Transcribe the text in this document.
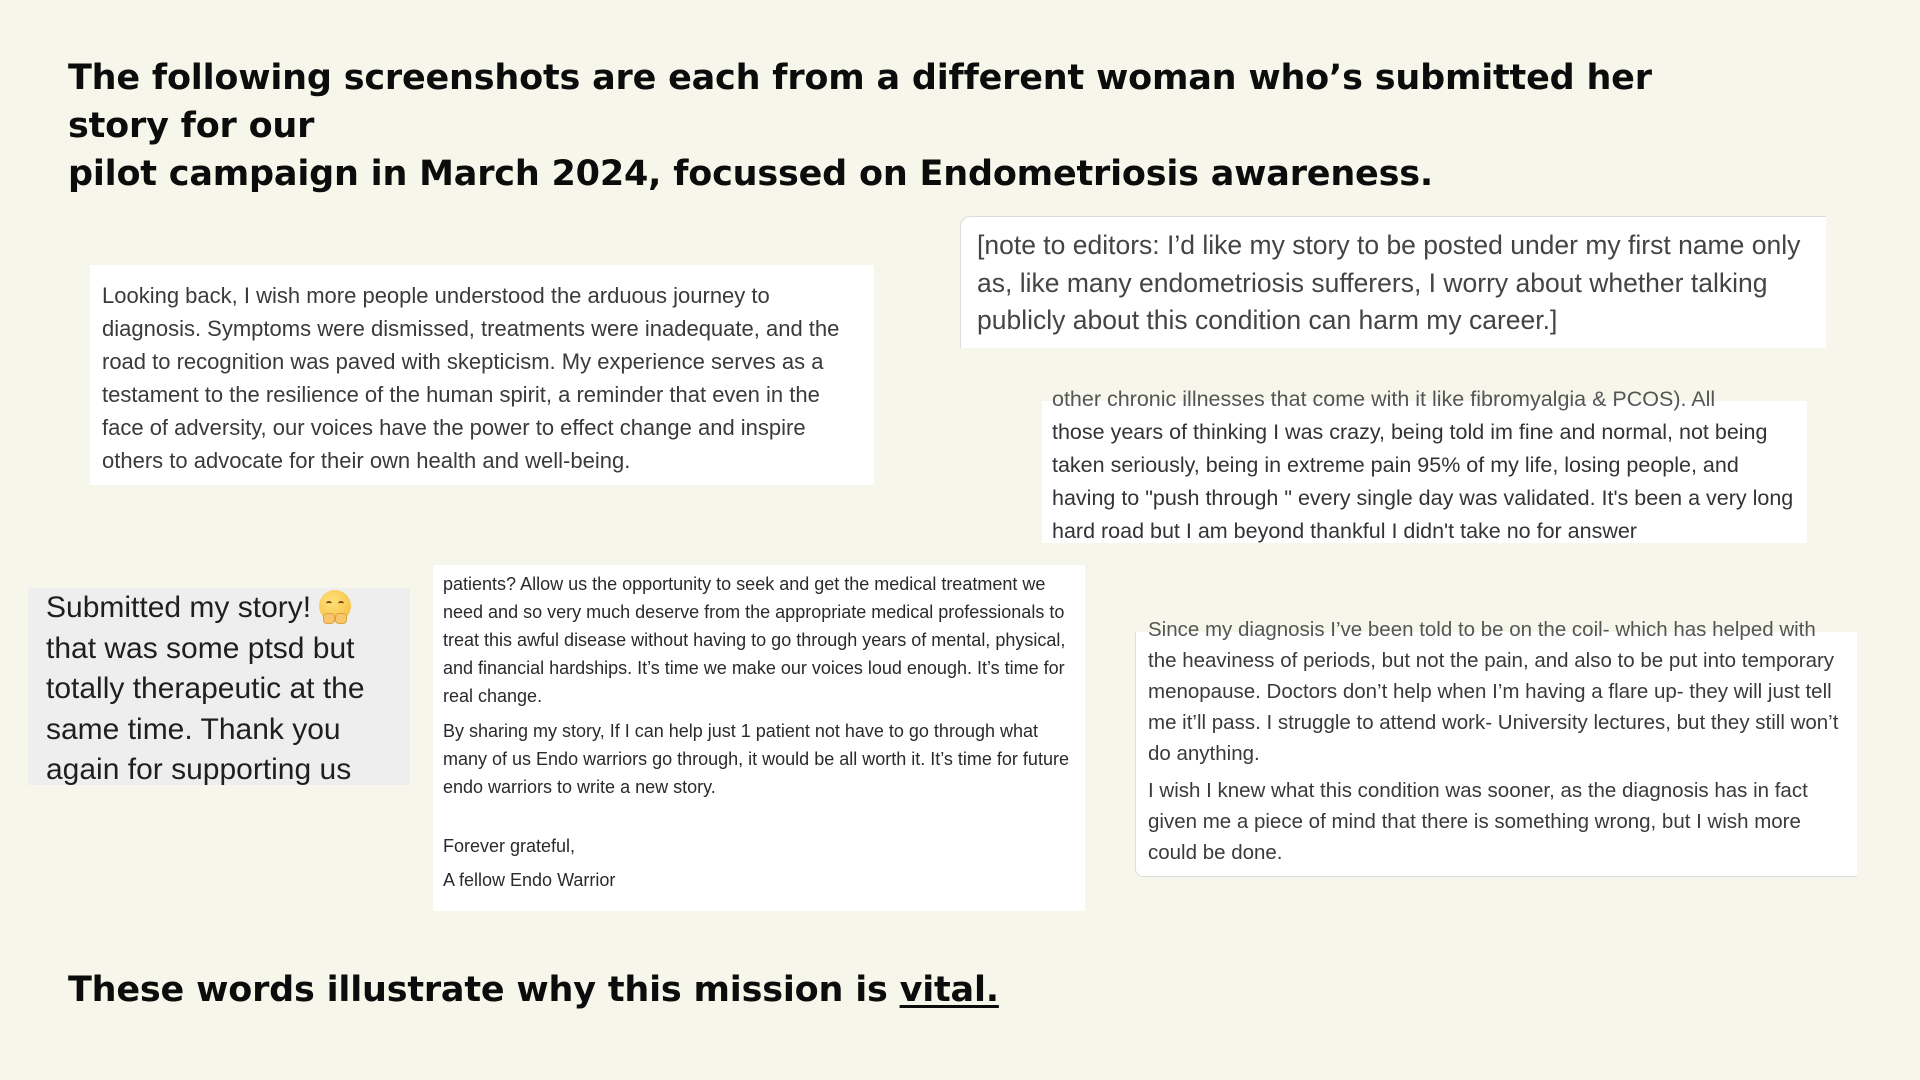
The following screenshots are each from a different woman who’s submitted her story for our
pilot campaign in March 2024, focussed on Endometriosis awareness.

Looking back, I wish more people understood the arduous journey to diagnosis. Symptoms were dismissed, treatments were inadequate, and the road to recognition was paved with skepticism. My experience serves as a testament to the resilience of the human spirit, a reminder that even in the face of adversity, our voices have the power to effect change and inspire others to advocate for their own health and well-being.

[note to editors: I’d like my story to be posted under my first name only as, like many endometriosis sufferers, I worry about whether talking publicly about this condition can harm my career.]

other chronic illnesses that come with it like fibromyalgia & PCOS). All

those years of thinking I was crazy, being told im fine and normal, not being taken seriously, being in extreme pain 95% of my life, losing people, and having to "push through " every single day was validated. It's been a very long hard road but I am beyond thankful I didn't take no for answer

Submitted my story!

that was some ptsd but totally therapeutic at the same time. Thank you again for supporting us

patients? Allow us the opportunity to seek and get the medical treatment we need and so very much deserve from the appropriate medical professionals to treat this awful disease without having to go through years of mental, physical, and financial hardships. It’s time we make our voices loud enough. It’s time for real change.

By sharing my story, If I can help just 1 patient not have to go through what many of us Endo warriors go through, it would be all worth it. It’s time for future endo warriors to write a new story.

Forever grateful,

A fellow Endo Warrior

Since my diagnosis I’ve been told to be on the coil- which has helped with

the heaviness of periods, but not the pain, and also to be put into temporary menopause. Doctors don’t help when I’m having a flare up- they will just tell me it’ll pass. I struggle to attend work- University lectures, but they still won’t do anything.

I wish I knew what this condition was sooner, as the diagnosis has in fact given me a piece of mind that there is something wrong, but I wish more could be done.

These words illustrate why this mission is vital.
